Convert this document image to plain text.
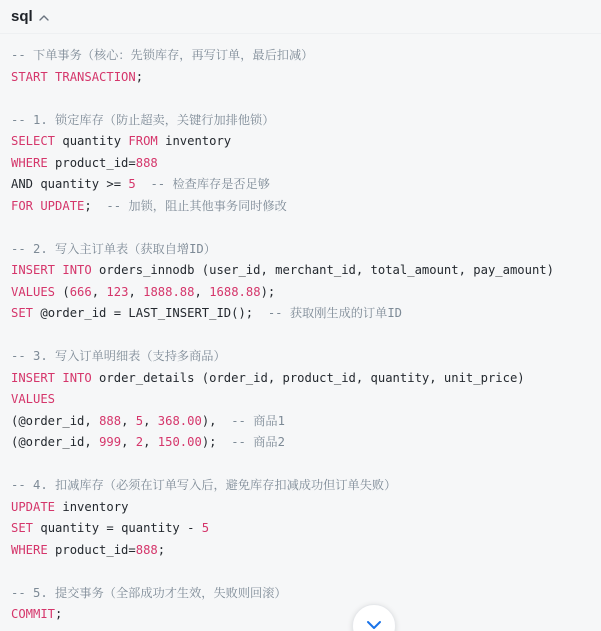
sql
-- 下单事务（核心：先锁库存，再写订单，最后扣减）
START TRANSACTION;

-- 1. 锁定库存（防止超卖，关键行加排他锁）
SELECT quantity FROM inventory
WHERE product_id=888
AND quantity >= 5 -- 检查库存是否足够
FOR UPDATE;  -- 加锁，阻止其他事务同时修改

-- 2. 写入主订单表（获取自增ID）
INSERT INTO orders_innodb (user_id, merchant_id, total_amount, pay_amount)
VALUES (666, 123, 1888.88, 1688.88);
SET @order_id = LAST_INSERT_ID();  -- 获取刚生成的订单ID

-- 3. 写入订单明细表（支持多商品）
INSERT INTO order_details (order_id, product_id, quantity, unit_price)
VALUES
(@order_id, 888, 5, 368.00),  -- 商品1
(@order_id, 999, 2, 150.00);  -- 商品2

-- 4. 扣减库存（必须在订单写入后，避免库存扣减成功但订单失败）
UPDATE inventory
SET quantity = quantity - 5
WHERE product_id=888;

-- 5. 提交事务（全部成功才生效，失败则回滚）
COMMIT;
